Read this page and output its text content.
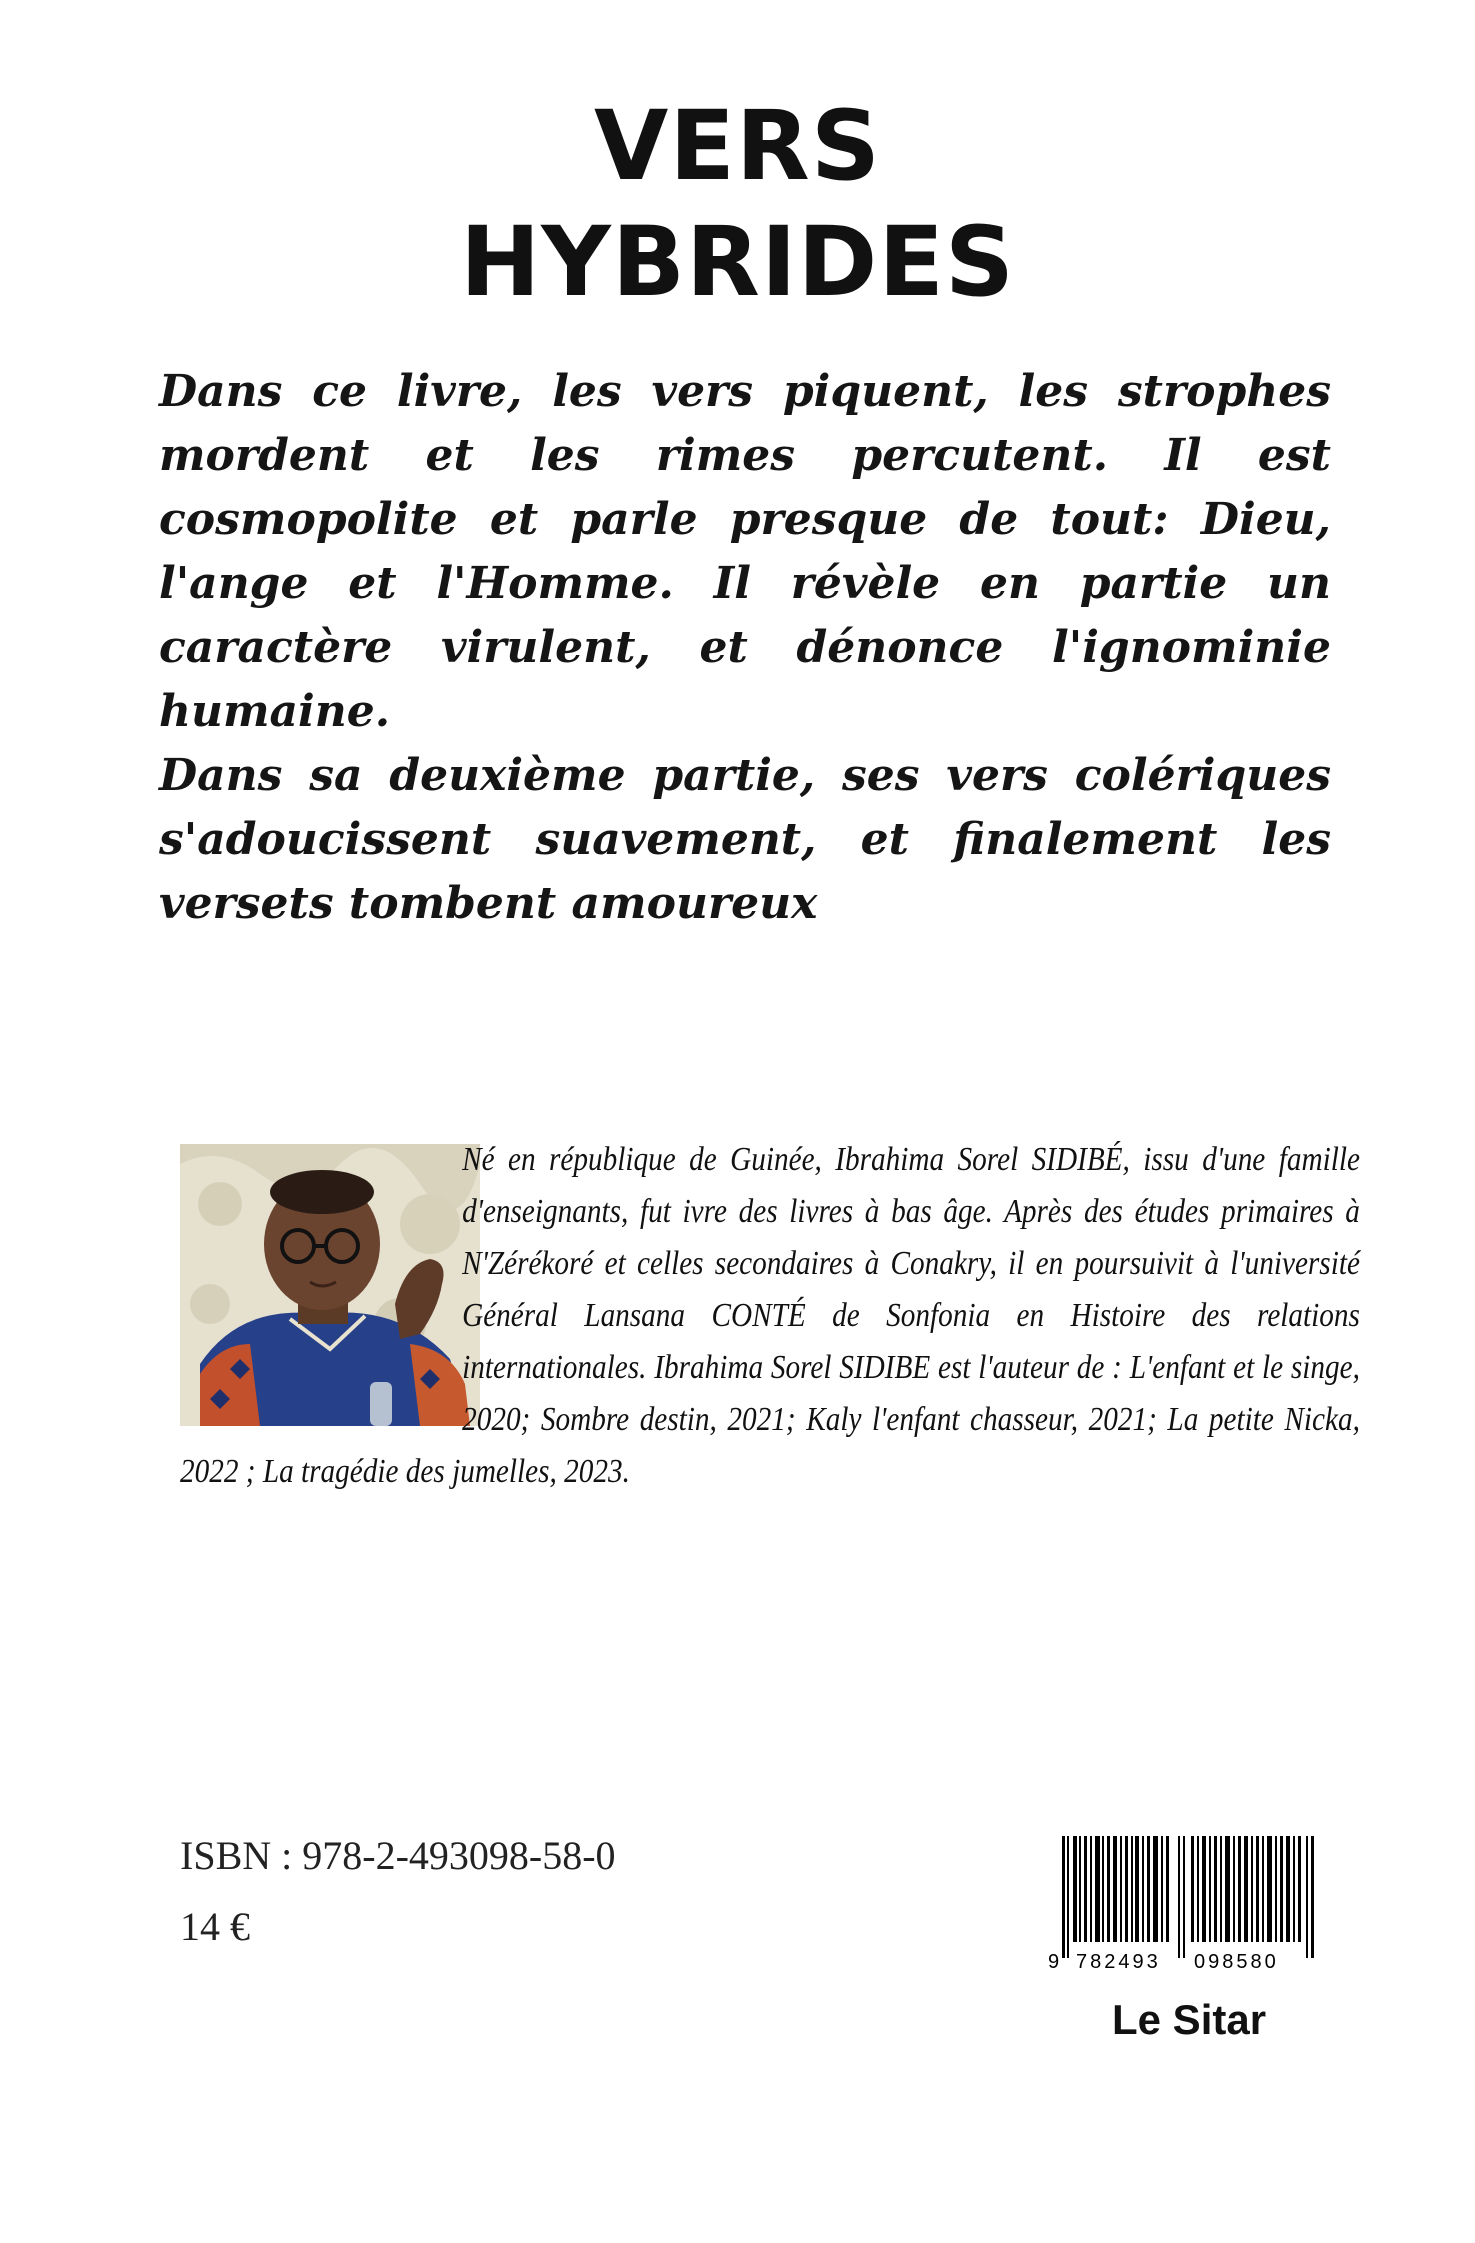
VERS
HYBRIDES

Dans ce livre, les vers piquent, les strophes mordent et les rimes percutent. Il est cosmopolite et parle presque de tout: Dieu, l'ange et l'Homme. Il révèle en partie un caractère virulent, et dénonce l'ignominie humaine.

Dans sa deuxième partie, ses vers colériques s'adoucissent suavement, et finalement les versets tombent amoureux

Né en république de Guinée, Ibrahima Sorel SIDIBÉ, issu d'une famille d'enseignants, fut ivre des livres à bas âge. Après des études primaires à N'Zérékoré et celles secondaires à Conakry, il en poursuivit à l'université Général Lansana CONTÉ de Sonfonia en Histoire des relations internationales. Ibrahima Sorel SIDIBE est l'auteur de : L'enfant et le singe, 2020; Sombre destin, 2021; Kaly l'enfant chasseur, 2021; La petite Nicka, 2022 ; La tragédie des jumelles, 2023.

ISBN : 978-2-493098-58-0
14 €
9 782493 098580
Le Sitar
